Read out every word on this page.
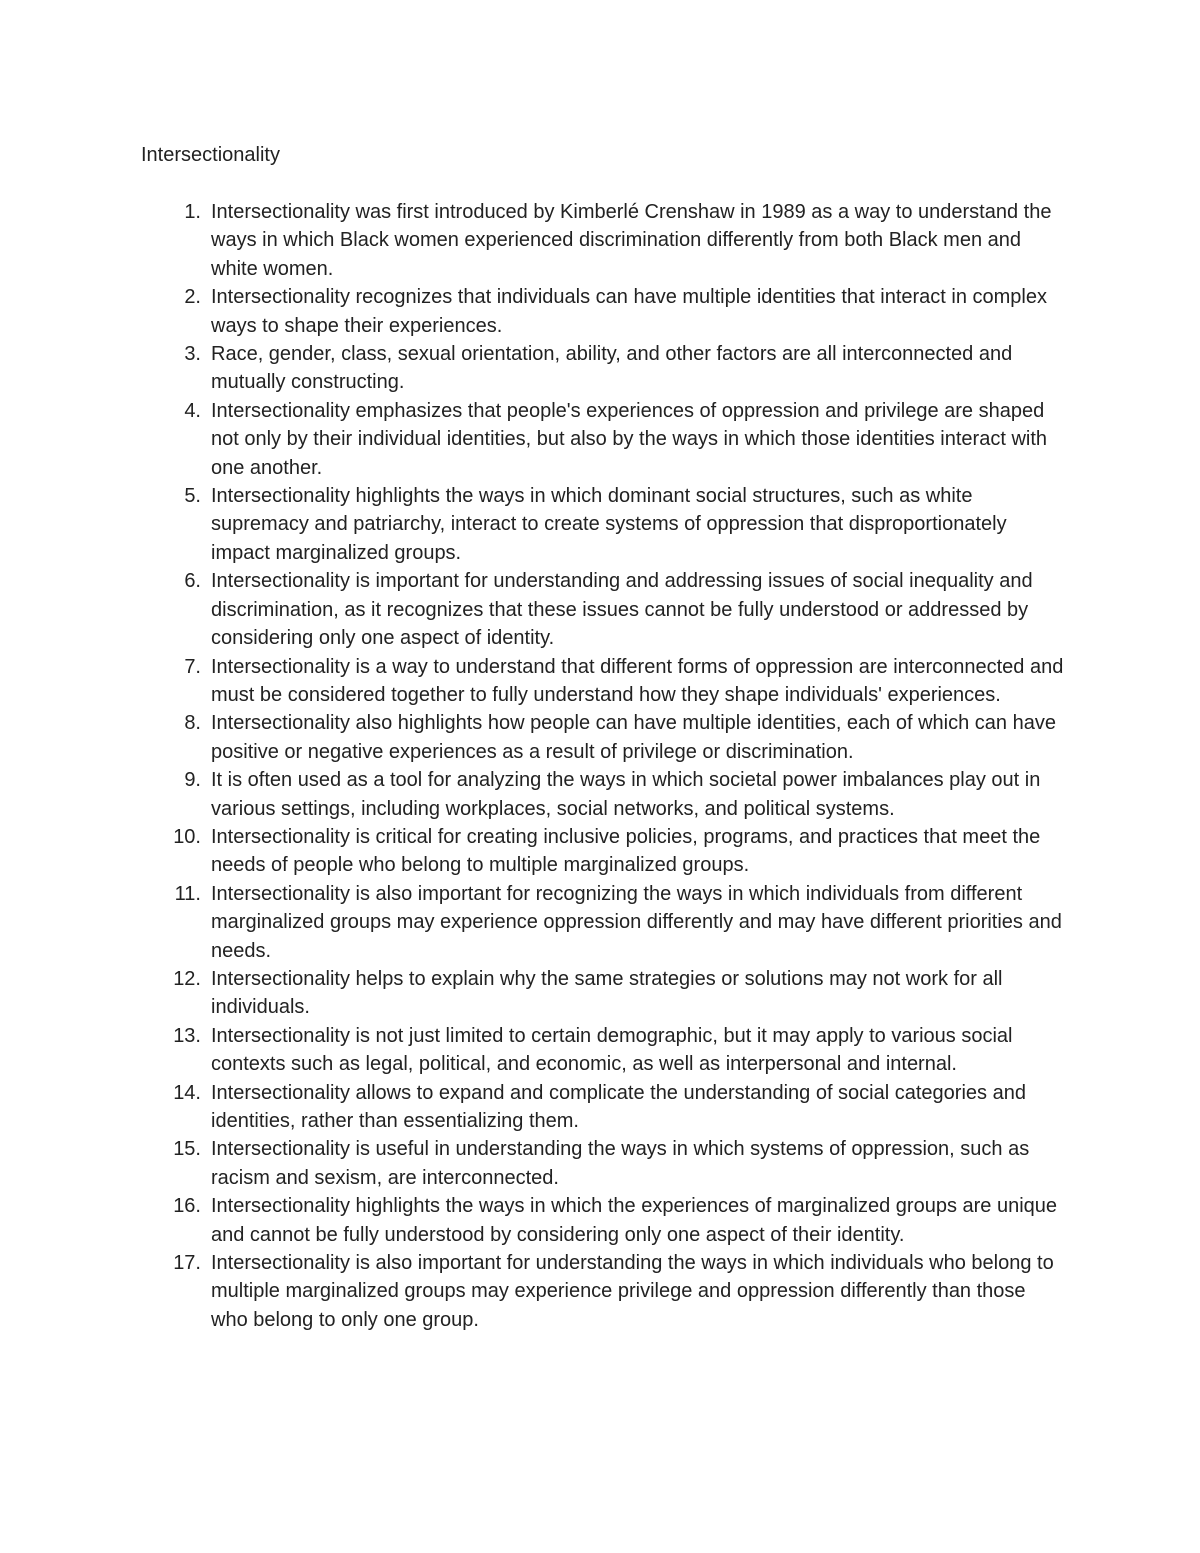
Intersectionality
1. Intersectionality was first introduced by Kimberlé Crenshaw in 1989 as a way to understand the ways in which Black women experienced discrimination differently from both Black men and white women.
2. Intersectionality recognizes that individuals can have multiple identities that interact in complex ways to shape their experiences.
3. Race, gender, class, sexual orientation, ability, and other factors are all interconnected and mutually constructing.
4. Intersectionality emphasizes that people's experiences of oppression and privilege are shaped not only by their individual identities, but also by the ways in which those identities interact with one another.
5. Intersectionality highlights the ways in which dominant social structures, such as white supremacy and patriarchy, interact to create systems of oppression that disproportionately impact marginalized groups.
6. Intersectionality is important for understanding and addressing issues of social inequality and discrimination, as it recognizes that these issues cannot be fully understood or addressed by considering only one aspect of identity.
7. Intersectionality is a way to understand that different forms of oppression are interconnected and must be considered together to fully understand how they shape individuals' experiences.
8. Intersectionality also highlights how people can have multiple identities, each of which can have positive or negative experiences as a result of privilege or discrimination.
9. It is often used as a tool for analyzing the ways in which societal power imbalances play out in various settings, including workplaces, social networks, and political systems.
10. Intersectionality is critical for creating inclusive policies, programs, and practices that meet the needs of people who belong to multiple marginalized groups.
11. Intersectionality is also important for recognizing the ways in which individuals from different marginalized groups may experience oppression differently and may have different priorities and needs.
12. Intersectionality helps to explain why the same strategies or solutions may not work for all individuals.
13. Intersectionality is not just limited to certain demographic, but it may apply to various social contexts such as legal, political, and economic, as well as interpersonal and internal.
14. Intersectionality allows to expand and complicate the understanding of social categories and identities, rather than essentializing them.
15. Intersectionality is useful in understanding the ways in which systems of oppression, such as racism and sexism, are interconnected.
16. Intersectionality highlights the ways in which the experiences of marginalized groups are unique and cannot be fully understood by considering only one aspect of their identity.
17. Intersectionality is also important for understanding the ways in which individuals who belong to multiple marginalized groups may experience privilege and oppression differently than those who belong to only one group.
